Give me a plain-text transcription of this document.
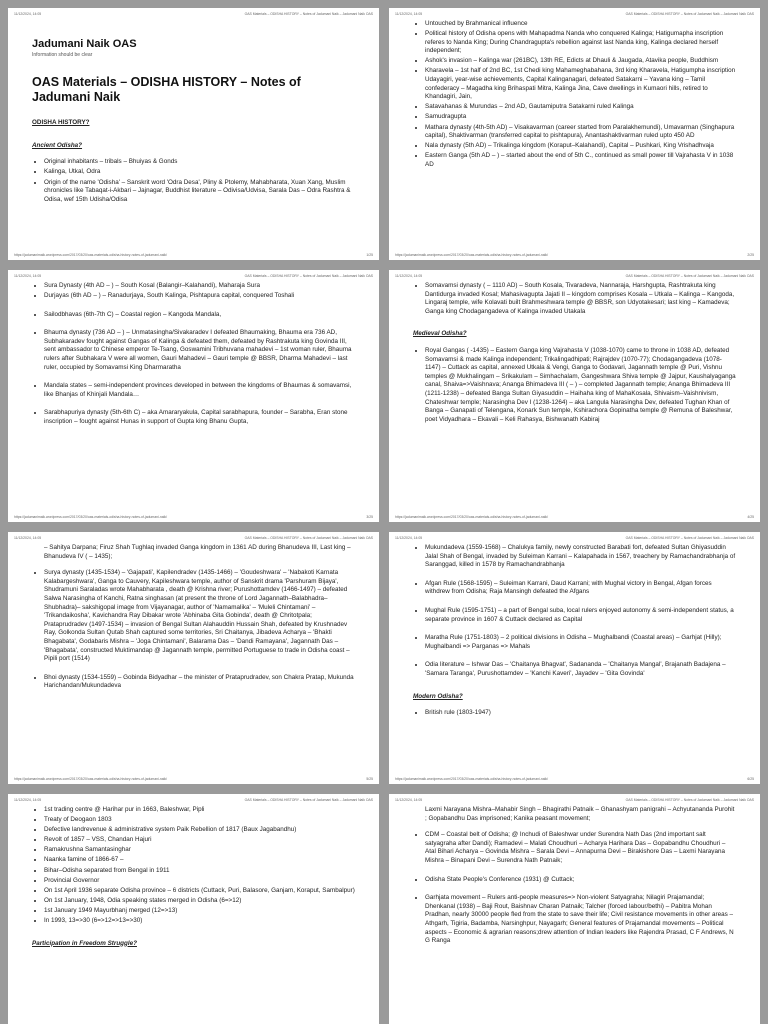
11/12/2024, 14:05	OAS Materials – ODISHA HISTORY – Notes of Jadumani Naik – Jadumani Naik OAS
Jadumani Naik OAS
Information should be clear
OAS Materials – ODISHA HISTORY – Notes of Jadumani Naik
ODISHA HISTORY?
Ancient Odisha?
• Original inhabitants – tribals – Bhuiyas & Gonds
• Kalinga, Utkal, Odra
• Origin of the name 'Odisha' – Sanskrit word 'Odra Desa', Pliny & Ptolemy, Mahabharata, Xuan Xang, Muslim chronicles like Tabaqat-i-Akbari – Jajnagar, Buddhist literature – Odivisa/Udvisa, Sarala Das – Odra Rashtra & Odisa, wef 15th Udisha/Odisa
https://jadumanimaik.wordpress.com/2017/03/20/oas-materials-odisha-history-notes-of-jadumani-naik/	1/25
11/12/2024, 14:05	OAS Materials – ODISHA HISTORY – Notes of Jadumani Naik – Jadumani Naik OAS
• Untouched by Brahmanical influence
• Political history of Odisha opens with Mahapadma Nanda who conquered Kalinga; Hatigumapha inscription referes to Nanda King; During Chandragupta's rebellion against last Nanda king, Kalinga declared herself independent;
• Ashok's invasion – Kalinga war (261BC), 13th RE, Edicts at Dhauli & Jaugada, Atavika people, Buddhism
• Kharavela – 1st half of 2nd BC, 1st Chedi king Mahameghabahana, 3rd king Kharavela, Hatigumpha inscription Udayagiri, year-wise achievements, Capital Kalinganagari, defeated Satakarni – Yavana king – Tamil confederacy – Magadha king Brihaspati Mitra, Kalinga Jina, Cave dwellings in Kumaori hills, retired to Khandagiri, Jain,
• Satavahanas & Murundas – 2nd AD, Gautamiputra Satakarni ruled Kalinga
• Samudragupta
• Mathara dynasty (4th-5th AD) – Visakavarman (career started from Paralakhemundi), Umavarman (Singhapura capital), Shaktivarman (transferred capital to pishtapura), Anantashaktivarman ruled upto 450 AD
• Nala dynasty (5th AD) – Trikalinga kingdom (Koraput–Kalahandi), Capital – Pushkari, King Vrishadhvaja
• Eastern Ganga (5th AD – ) – started about the end of 5th C., continued as small power till Vajrahasta V in 1038 AD
https://jadumanimaik.wordpress.com/2017/03/20/oas-materials-odisha-history-notes-of-jadumani-naik/	2/25
11/12/2024, 14:05	OAS Materials – ODISHA HISTORY – Notes of Jadumani Naik – Jadumani Naik OAS
• Sura Dynasty (4th AD – ) – South Kosal (Balangir–Kalahandi), Maharaja Sura
• Durjayas (6th AD – ) – Ranadurjaya, South Kalinga, Pishtapura capital, conquered Toshali
• Sailodbhavas (6th-7th C) – Coastal region – Kangoda Mandala,
• Bhauma dynasty (736 AD – ) – Unmatasingha/Sivakaradev I defeated Bhaumaking, Bhauma era 736 AD, Subhakaradev fought against Gangas of Kalinga & defeated them, defeated by Rashtrakuta king Govinda III, sent ambassador to Chinese emperor Te-Tsang, Goswamini Tribhuvana mahadevi – 1st woman ruler, Bhauma rulers after Subhakara V were all women, Gauri Mahadevi – Gauri temple @ BBSR, Dharma Mahadevi – last ruler, occupied by Somavamsi King Dharmaratha
• Mandala states – semi-independent provinces developed in between the kingdoms of Bhaumas & somavamsi, like Bhanjas of Khinjali Mandala…
• Sarabhapuriya dynasty (5th-6th C) – aka Amararyakula, Capital sarabhapura, founder – Sarabha, Eran stone inscription – fought against Hunas in support of Gupta king Bhanu Gupta,
https://jadumanimaik.wordpress.com/2017/03/20/oas-materials-odisha-history-notes-of-jadumani-naik/	3/25
11/12/2024, 14:05	OAS Materials – ODISHA HISTORY – Notes of Jadumani Naik – Jadumani Naik OAS
• Somavamsi dynasty ( – 1110 AD) – South Kosala, Tivaradeva, Nannaraja, Harshgupta, Rashtrakuta king Dantidurga invaded Kosal; Mahasivagupta Jajati II – kingdom comprises Kosala – Utkala – Kalinga – Kangoda, Lingaraj temple, wife Kolavati built Brahmeshwara temple @ BBSR, son Udyotakesari; last king – Kamadeva; Ganga king Chodagangadeva of Kalinga invaded Utakala
Medieval Odisha?
• Royal Gangas ( -1435) – Eastern Ganga king Vajrahasta V (1038-1070) came to throne in 1038 AD, defeated Somavamsi & made Kalinga independent; Trikalingadhipati; Rajrajdev (1070-77); Chodagangadeva (1078-1147) – Cuttack as capital, annexed Utkala & Vengi, Ganga to Godavari, Jagannath temple @ Puri, Vishnu temples @ Mukhalingam – Srikakulam – Simhachalam, Gangeshwara Shiva temple @ Jajpur, Kaushalyaganga canal, Shaiva=>Vaishnava; Ananga Bhimadeva III ( – ) – completed Jagannath temple; Ananga Bhimadeva III (1211-1238) – defeated Banga Sultan Giyasuddin – Haihaha king of MahaKosala, Shivaism–Vaishnivism, Chateshwar temple; Narasingha Dev I (1238-1264) – aka Langula Narasingha Dev, defeated Tughan Khan of Banga – Ganapati of Telengana, Konark Sun temple, Kshirachora Gopinatha temple @ Remuna of Baleshwar, poet Vidyadhara – Ekavali – Keli Rahasya, Bishwanath Kabiraj
https://jadumanimaik.wordpress.com/2017/03/20/oas-materials-odisha-history-notes-of-jadumani-naik/	4/25
11/12/2024, 14:05	OAS Materials – ODISHA HISTORY – Notes of Jadumani Naik – Jadumani Naik OAS

– Sahitya Darpana; Firuz Shah Tughlaq invaded Ganga kingdom in 1361 AD during Bhanudeva III, Last king – Bhanudeva IV ( – 1435);

• Surya dynasty (1435-1534) – 'Gajapati', Kapilendradev (1435-1466) – 'Goudeshwara' – 'Nabakoti Karnata Kalabargeshwara', Ganga to Cauvery, Kapileshwara temple, author of Sanskrit drama 'Parshuram Bijaya', Shudramuni Saraladas wrote Mahabharata , death @ Krishna river; Purushottamdev (1466-1497) – defeated Salwa Narasingha of Kanchi, Ratna singhasan (at present the throne of Lord Jagannath–Balabhadra–Shubhadra)– sakshigopal image from Vijayanagar, author of 'Namamalika' – 'Muleli Chintamani' – 'Trikandaikosha', Kavichandra Ray Dibakar wrote 'Abhinaba Gita Gobinda', death @ Chritotpala; Prataprudradev (1497-1534) – invasion of Bengal Sultan Alahauddin Hussain Shah, defeated by Krushnadev Ray, Golkonda Sultan Qutab Shah captured some territories, Sri Chaitanya, Jibadeva Acharya – 'Bhakti Bhagabata', Godabaris Mishra – 'Joga Chintamani', Balarama Das – 'Dandi Ramayana', Jagannath Das – 'Bhagabata', constructed Muktimandap @ Jagannath temple, permitted Portuguese to trade in Odisha coast – Pipili port (1514)
• Bhoi dynasty (1534-1559) – Gobinda Bidyadhar – the minister of Prataprudradev, son Chakra Pratap, Mukunda Harichandan/Mukundadeva
https://jadumanimaik.wordpress.com/2017/03/20/oas-materials-odisha-history-notes-of-jadumani-naik/	5/25
11/12/2024, 14:05	OAS Materials – ODISHA HISTORY – Notes of Jadumani Naik – Jadumani Naik OAS
• Mukundadeva (1559-1568) – Chalukya family, newly constructed Barabati fort, defeated Sultan Ghiyasuddin Jalal Shah of Bengal, invaded by Suleiman Karrani – Kalapahada in 1567, treachery by Ramachandrabhanja of Saranggad, killed in 1578 by Ramachandrabhanja
• Afgan Rule (1568-1595) – Suleiman Karrani, Daud Karrani; with Mughal victory in Bengal, Afgan forces withdrew from Odisha; Raja Mansingh defeated the Afgans
• Mughal Rule (1595-1751) – a part of Bengal suba, local rulers enjoyed autonomy & semi-independent status, a separate province in 1607 & Cuttack declared as Capital
• Maratha Rule (1751-1803) – 2 political divisions in Odisha – Mughalbandi (Coastal areas) – Garhjat (Hilly); Mughalbandi => Parganas => Mahals
• Odia literature – Ishwar Das – 'Chaitanya Bhagvat', Sadananda – 'Chaitanya Mangal', Brajanath Badajena – 'Samara Taranga', Purushottamdev – 'Kanchi Kaveri', Jayadev – 'Gita Govinda'
Modern Odisha?
• British rule (1803-1947)
https://jadumanimaik.wordpress.com/2017/03/20/oas-materials-odisha-history-notes-of-jadumani-naik/	6/25
11/12/2024, 14:05	OAS Materials – ODISHA HISTORY – Notes of Jadumani Naik – Jadumani Naik OAS
• 1st trading centre @ Harihar pur in 1663, Baleshwar, Pipli
• Treaty of Deogaon 1803
• Defective landrevenue & administrative system Paik Rebellion of 1817 (Baux Jagabandhu)
• Revolt of 1857 – VSS, Chandan Hajuri
• Ramakrushna Samantasinghar
• Naanka famine of 1866-67 –
• Bihar–Odisha separated from Bengal in 1911
• Provincial Governor
• On 1st April 1936 separate Odisha province – 6 districts (Cuttack, Puri, Balasore, Ganjam, Koraput, Sambalpur)
• On 1st January, 1948, Odia speaking states merged in Odisha (6=>12)
• 1st January 1949 Mayurbhanj merged (12=>13)
• In 1993, 13=>30 (6=>12=>13=>30)
Participation in Freedom Struggle?
11/12/2024, 14:05	OAS Materials – ODISHA HISTORY – Notes of Jadumani Naik – Jadumani Naik OAS

Laxmi Narayana Mishra–Mahabir Singh – Bhagirathi Patnaik – Ghanashyam panigrahi – Achyutananda Purohit ; Gopabandhu Das imprisoned; Kanika peasant movement;

• CDM – Coastal belt of Odisha; @ Inchudi of Baleshwar under Surendra Nath Das (2nd important salt satyagraha after Dandi); Ramadevi – Malati Choudhuri – Acharya Harihara Das – Gopabandhu Choudhuri – Atal Bihari Acharya – Govinda Mishra – Sarala Devi – Annapurna Devi – Birakishore Das – Laxmi Narayana Mishra – Binapani Devi – Surendra Nath Patnaik;
• Odisha State People's Conference (1931) @ Cuttack;
• Garhjata movement – Rulers anti-people measures=> Non-violent Satyagraha; Nilagiri Prajamandal; Dhenkanal (1938) – Baji Rout, Baishnav Charan Patnaik; Talcher (forced labour/bethi) – Pabitra Mohan Pradhan, nearly 30000 people fled from the state to save their life; Civil resistance movements in other areas – Athgarh, Tigiria, Badamba, Narsinghpur, Nayagarh; General features of Prajamandal movements – Political aspects – Economic & agrarian reasons;drew attention of Indian leaders like Rajendra Prasad, C F Andrews, N G Ranga
